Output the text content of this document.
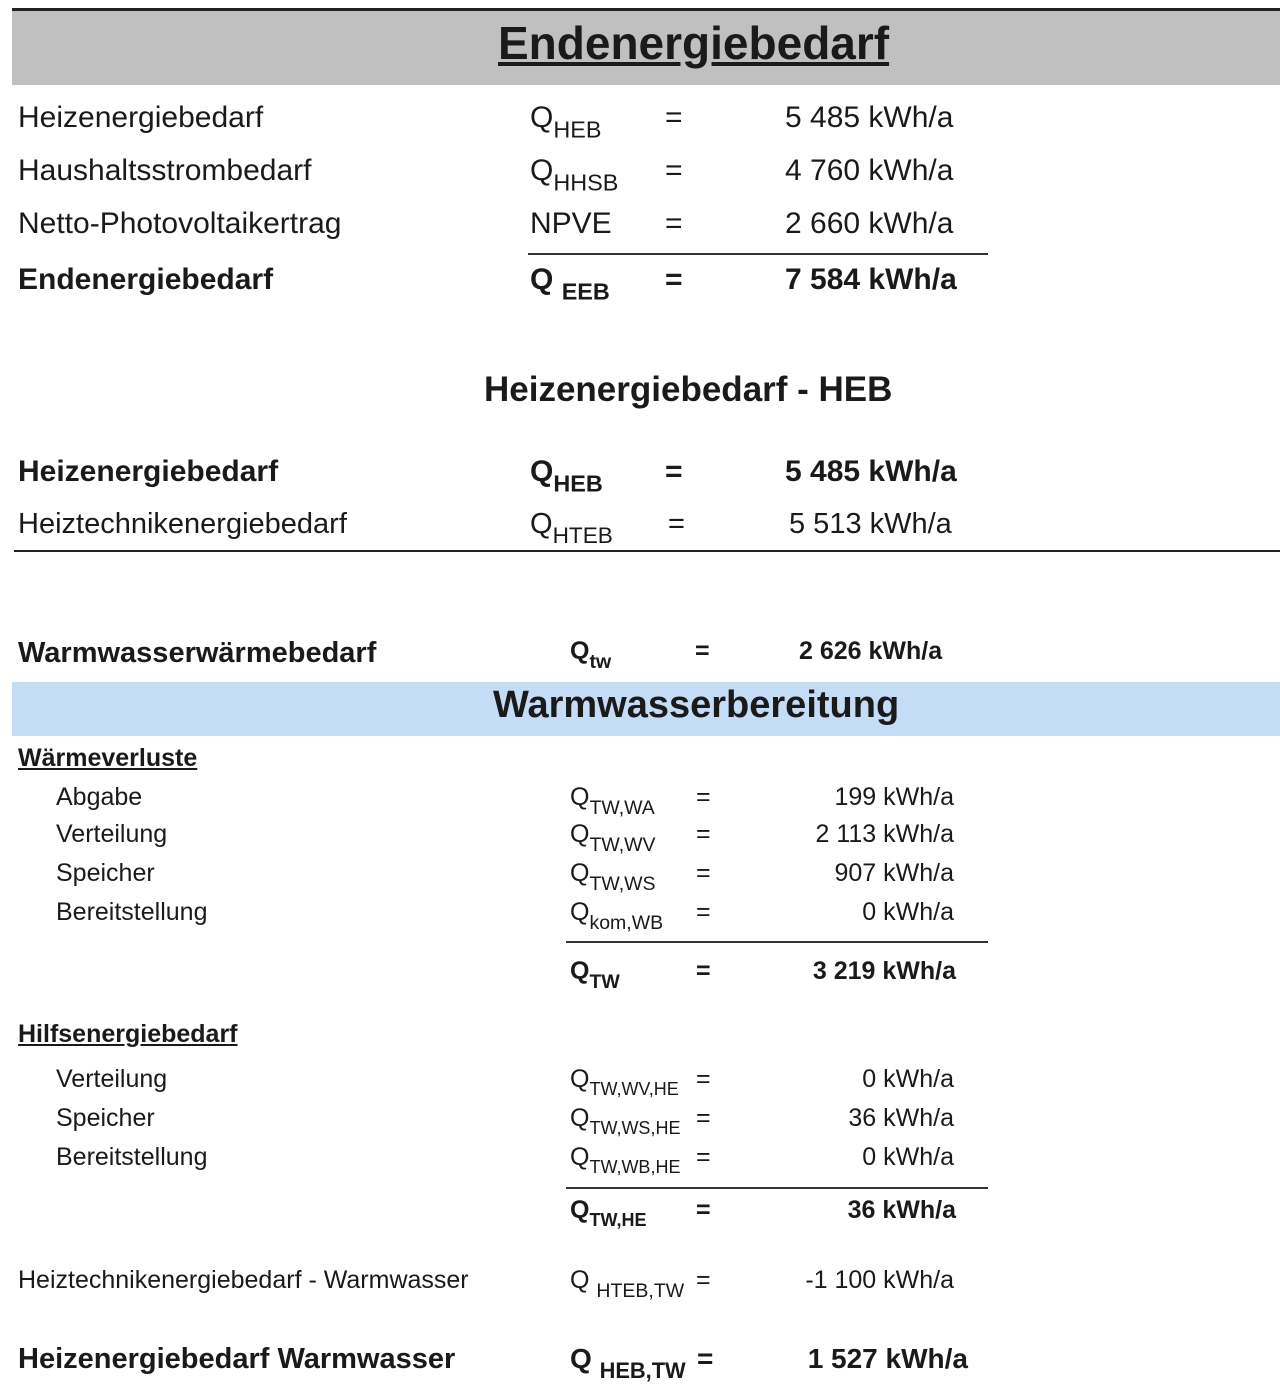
Endenergiebedarf
Heizenergiebedarf	$Q_{HEB}$ =	5 485 kWh/a
Haushaltsstrombedarf	$Q_{HHSB}$ =	4 760 kWh/a
Netto-Photovoltaikertrag	NPVE =	2 660 kWh/a
Endenergiebedarf	Q $_{EEB}$ =	7 584 kWh/a
Heizenergiebedarf - HEB
Heizenergiebedarf	$Q_{HEB}$ =	5 485 kWh/a
Heiztechnikenergiebedarf	$Q_{HTEB}$ =	5 513 kWh/a
Warmwasserwärmebedarf	$Q_{tw}$	=	2 626 kWh/a
Warmwasserbereitung
Wärmeverluste
Abgabe	$Q_{TW,WA}$ =	199 kWh/a
Verteilung	$Q_{TW,WV}$ =	2 113 kWh/a
Speicher	$Q_{TW,WS}$ =	907 kWh/a
Bereitstellung	$Q_{kom,WB}$ =	0 kWh/a
$Q_{TW}$	=	3 219 kWh/a
Hilfsenergiebedarf
Verteilung	$Q_{TW,WV,HE}$ =	0 kWh/a
Speicher	$Q_{TW,WS,HE}$ =	36 kWh/a
Bereitstellung	$Q_{TW,WB,HE}$ =	0 kWh/a
$Q_{TW,HE}$ =	36 kWh/a
Heiztechnikenergiebedarf - Warmwasser	Q $_{HTEB,TW}$ =	-1 100 kWh/a
Heizenergiebedarf Warmwasser	Q $_{HEB,TW}$ =	1 527 kWh/a
